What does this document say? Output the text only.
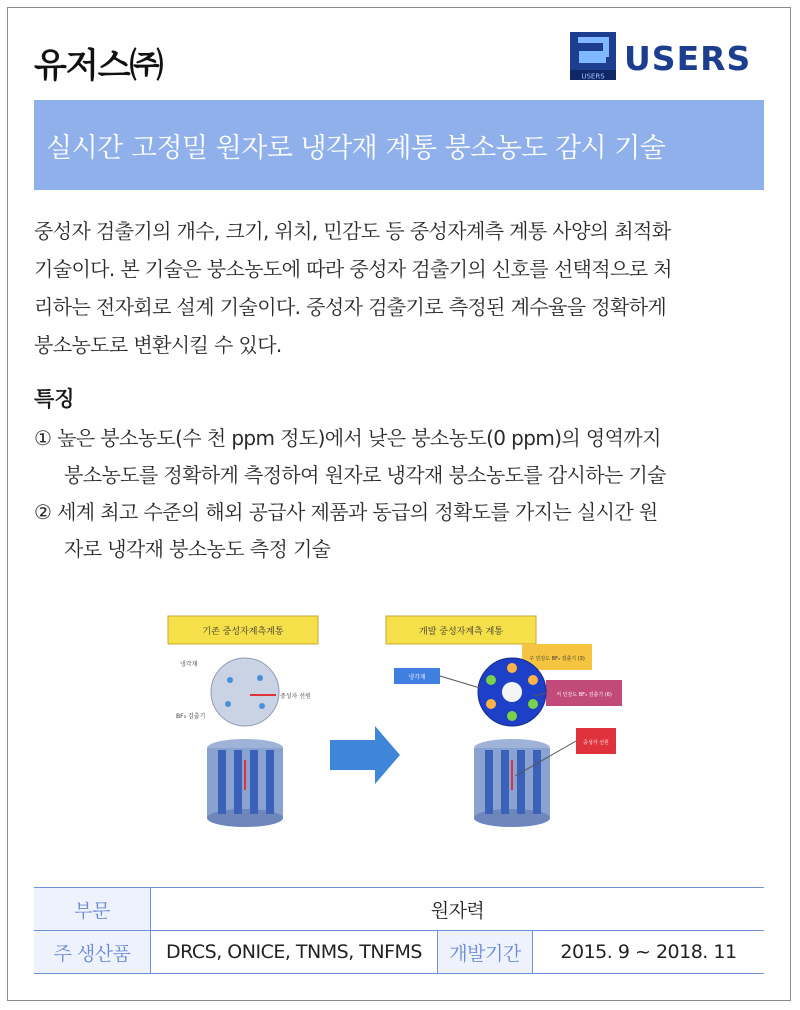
유저스㈜	USERS USERS
실시간 고정밀 원자로 냉각재 계통 붕소농도 감시 기술
중성자 검출기의 개수, 크기, 위치, 민감도 등 중성자계측 계통 사양의 최적화
기술이다. 본 기술은 붕소농도에 따라 중성자 검출기의 신호를 선택적으로 처
리하는 전자회로 설계 기술이다. 중성자 검출기로 측정된 계수율을 정확하게
붕소농도로 변환시킬 수 있다.
특징
① 높은 붕소농도(수 천 ppm 정도)에서 낮은 붕소농도(0 ppm)의 영역까지
붕소농도를 정확하게 측정하여 원자로 냉각재 붕소농도를 감시하는 기술
② 세계 최고 수준의 해외 공급사 제품과 동급의 정확도를 가지는 실시간 원
자로 냉각재 붕소농도 측정 기술
기존 중성자계측계통
냉각재
BF₃ 검출기
중성자 선원
개발 중성자계측 계통
냉각재
구 민감도 BF₃ 검출기 (3)
저 민감도 BF₃ 검출기 (6)
중성자 선원
부문	원자력		
주 생산품	DRCS, ONICE, TNMS, TNFMS	개발기간	2015. 9 ~ 2018. 11
